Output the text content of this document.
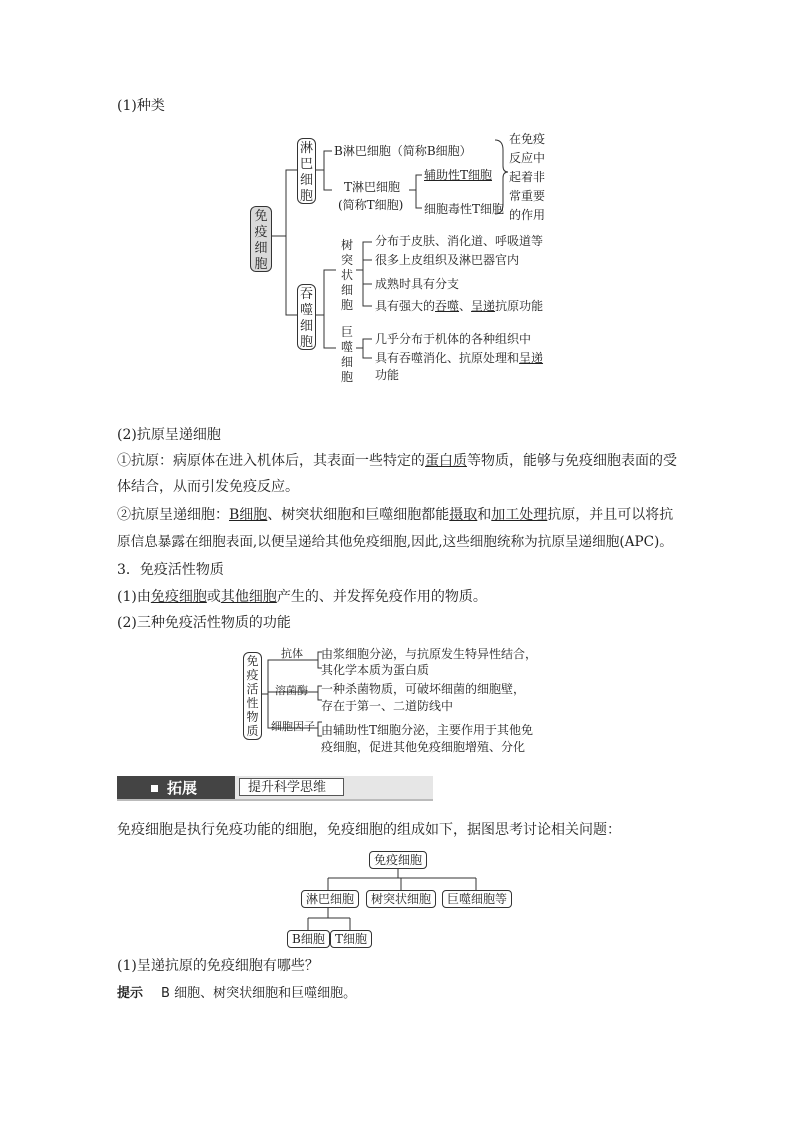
(1)种类
免疫细胞
淋巴细胞
吞噬细胞
B淋巴细胞（简称B细胞）
T淋巴细胞
(简称T细胞)
辅助性T细胞
细胞毒性T细胞
在免疫反应中起着非常重要的作用
树突状细胞
巨噬细胞
分布于皮肤、消化道、呼吸道等
很多上皮组织及淋巴器官内
成熟时具有分支
具有强大的吞噬、呈递抗原功能
几乎分布于机体的各种组织中
具有吞噬消化、抗原处理和呈递
功能
(2)抗原呈递细胞
①抗原：病原体在进入机体后，其表面一些特定的蛋白质等物质，能够与免疫细胞表面的受
体结合，从而引发免疫反应。
②抗原呈递细胞：B细胞、树突状细胞和巨噬细胞都能摄取和加工处理抗原，并且可以将抗
原信息暴露在细胞表面,以便呈递给其他免疫细胞,因此,这些细胞统称为抗原呈递细胞(APC)。
3．免疫活性物质
(1)由免疫细胞或其他细胞产生的、并发挥免疫作用的物质。
(2)三种免疫活性物质的功能
免疫活性物质
抗体
溶菌酶
细胞因子
由浆细胞分泌，与抗原发生特异性结合，
其化学本质为蛋白质
一种杀菌物质，可破坏细菌的细胞壁，
存在于第一、二道防线中
由辅助性T细胞分泌，主要作用于其他免
疫细胞，促进其他免疫细胞增殖、分化
拓展	提升科学思维
免疫细胞是执行免疫功能的细胞，免疫细胞的组成如下，据图思考讨论相关问题：
免疫细胞
淋巴细胞	树突状细胞	巨噬细胞等
B细胞 T细胞
(1)呈递抗原的免疫细胞有哪些？
提示 B 细胞、树突状细胞和巨噬细胞。
